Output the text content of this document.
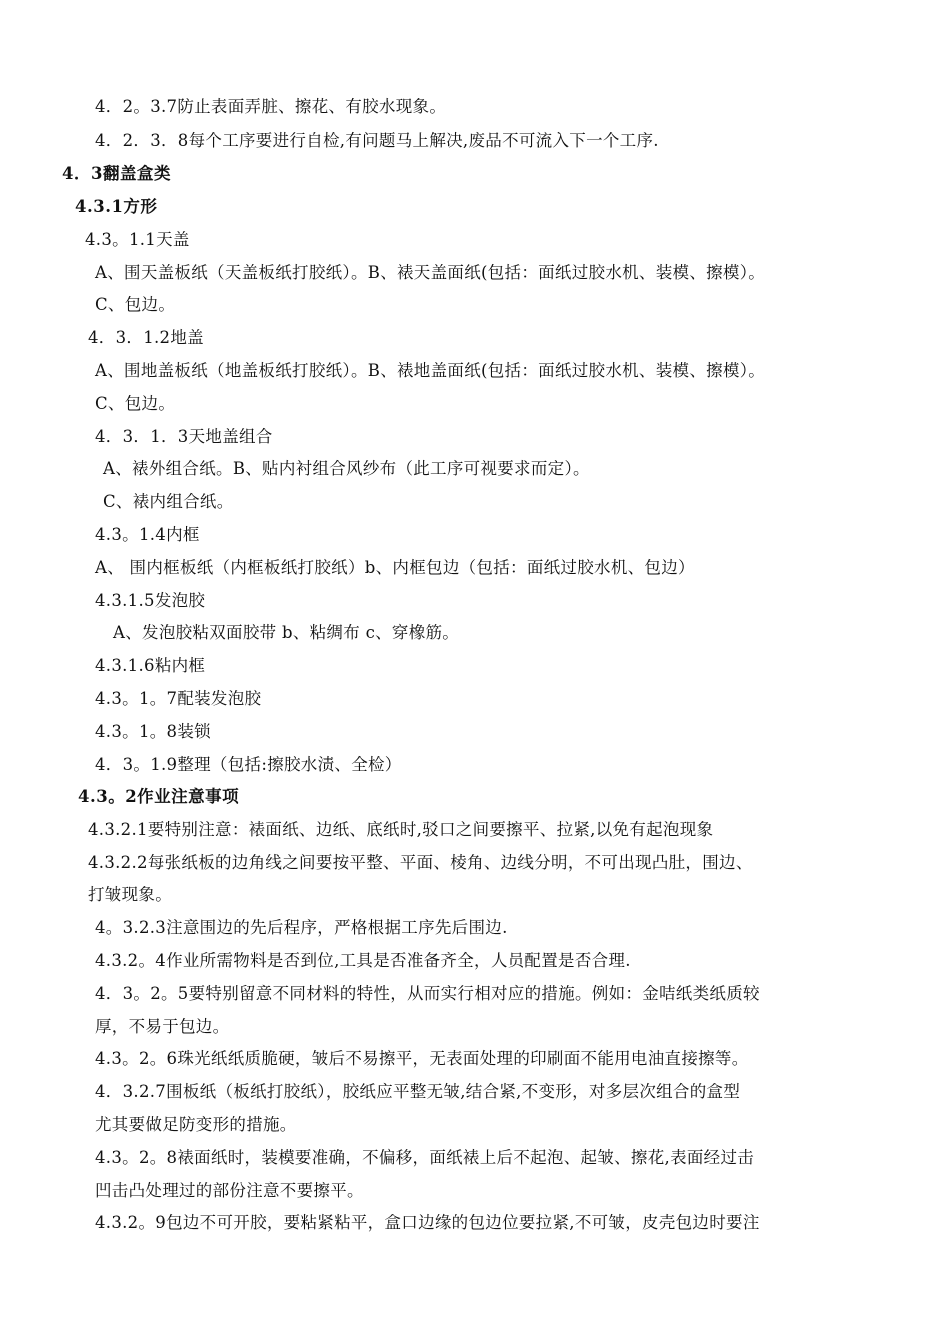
4．2。3.7防止表面弄脏、擦花、有胶水现象。
4．2．3．8每个工序要进行自检,有问题马上解决,废品不可流入下一个工序.
4．3翻盖盒类
4.3.1方形
4.3。1.1天盖
A、围天盖板纸（天盖板纸打胶纸）。B、裱天盖面纸(包括：面纸过胶水机、装模、擦模）。
C、包边。
4．3．1.2地盖
A、围地盖板纸（地盖板纸打胶纸）。B、裱地盖面纸(包括：面纸过胶水机、装模、擦模）。
C、包边。
4．3．1．3天地盖组合
A、裱外组合纸。B、贴内衬组合风纱布（此工序可视要求而定）。
C、裱内组合纸。
4.3。1.4内框
A、 围内框板纸（内框板纸打胶纸）b、内框包边（包括：面纸过胶水机、包边）
4.3.1.5发泡胶
A、发泡胶粘双面胶带 b、粘绸布 c、穿橡筋。
4.3.1.6粘内框
4.3。1。7配装发泡胶
4.3。1。8装锁
4．3。1.9整理（包括:擦胶水渍、全检）
4.3。2作业注意事项
4.3.2.1要特别注意：裱面纸、边纸、底纸时,驳口之间要擦平、拉紧,以免有起泡现象
4.3.2.2每张纸板的边角线之间要按平整、平面、棱角、边线分明，不可出现凸肚，围边、
打皱现象。
4。3.2.3注意围边的先后程序，严格根据工序先后围边.
4.3.2。4作业所需物料是否到位,工具是否准备齐全，人员配置是否合理.
4．3。2。5要特别留意不同材料的特性，从而实行相对应的措施。例如：金咭纸类纸质较
厚，不易于包边。
4.3。2。6珠光纸纸质脆硬，皱后不易擦平，无表面处理的印刷面不能用电油直接擦等。
4．3.2.7围板纸（板纸打胶纸），胶纸应平整无皱,结合紧,不变形，对多层次组合的盒型
尤其要做足防变形的措施。
4.3。2。8裱面纸时，装模要准确，不偏移，面纸裱上后不起泡、起皱、擦花,表面经过击
凹击凸处理过的部份注意不要擦平。
4.3.2。9包边不可开胶，要粘紧粘平，盒口边缘的包边位要拉紧,不可皱，皮壳包边时要注
